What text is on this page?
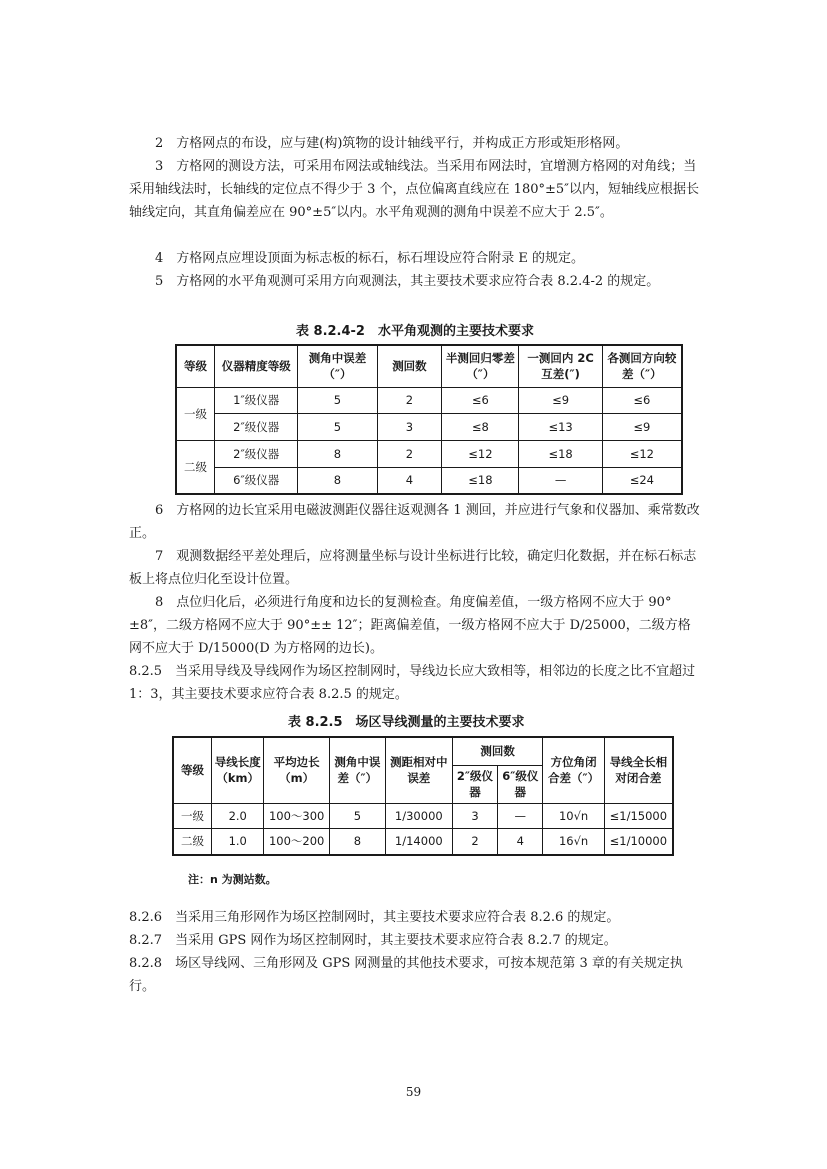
2　方格网点的布设，应与建(构)筑物的设计轴线平行，并构成正方形或矩形格网。

3　方格网的测设方法，可采用布网法或轴线法。当采用布网法时，宜增测方格网的对角线；当采用轴线法时，长轴线的定位点不得少于 3 个，点位偏离直线应在 180°±5″以内，短轴线应根据长轴线定向，其直角偏差应在 90°±5″以内。水平角观测的测角中误差不应大于 2.5″。

4　方格网点应埋设顶面为标志板的标石，标石埋设应符合附录 E 的规定。

5　方格网的水平角观测可采用方向观测法，其主要技术要求应符合表 8.2.4-2 的规定。

表 8.2.4-2　水平角观测的主要技术要求
等级	仪器精度等级	测角中误差（″）	测回数	半测回归零差（″）	一测回内 2C 互差(″)	各测回方向较差（″）
一级	1″级仪器	5	2	≤6	≤9	≤6
	2″级仪器	5	3	≤8	≤13	≤9
二级	2″级仪器	8	2	≤12	≤18	≤12
	6″级仪器	8	4	≤18	—	≤24

6　方格网的边长宜采用电磁波测距仪器往返观测各 1 测回，并应进行气象和仪器加、乘常数改正。

7　观测数据经平差处理后，应将测量坐标与设计坐标进行比较，确定归化数据，并在标石标志板上将点位归化至设计位置。

8　点位归化后，必须进行角度和边长的复测检查。角度偏差值，一级方格网不应大于 90°±8″，二级方格网不应大于 90°±± 12″；距离偏差值，一级方格网不应大于 D/25000，二级方格网不应大于 D/15000(D 为方格网的边长)。

8.2.5　当采用导线及导线网作为场区控制网时，导线边长应大致相等，相邻边的长度之比不宜超过 1：3，其主要技术要求应符合表 8.2.5 的规定。

表 8.2.5　场区导线测量的主要技术要求
等级	导线长度（km）	平均边长（m）	测角中误差（″）	测距相对中误差	测回数		方位角闭合差（″）	导线全长相对闭合差
					2″级仪器	6″级仪器		
一级	2.0	100～300	5	1/30000	3	—	10√n	≤1/15000
二级	1.0	100～200	8	1/14000	2	4	16√n	≤1/10000
注：n 为测站数。

8.2.6　当采用三角形网作为场区控制网时，其主要技术要求应符合表 8.2.6 的规定。

8.2.7　当采用 GPS 网作为场区控制网时，其主要技术要求应符合表 8.2.7 的规定。

8.2.8　场区导线网、三角形网及 GPS 网测量的其他技术要求，可按本规范第 3 章的有关规定执行。

59
